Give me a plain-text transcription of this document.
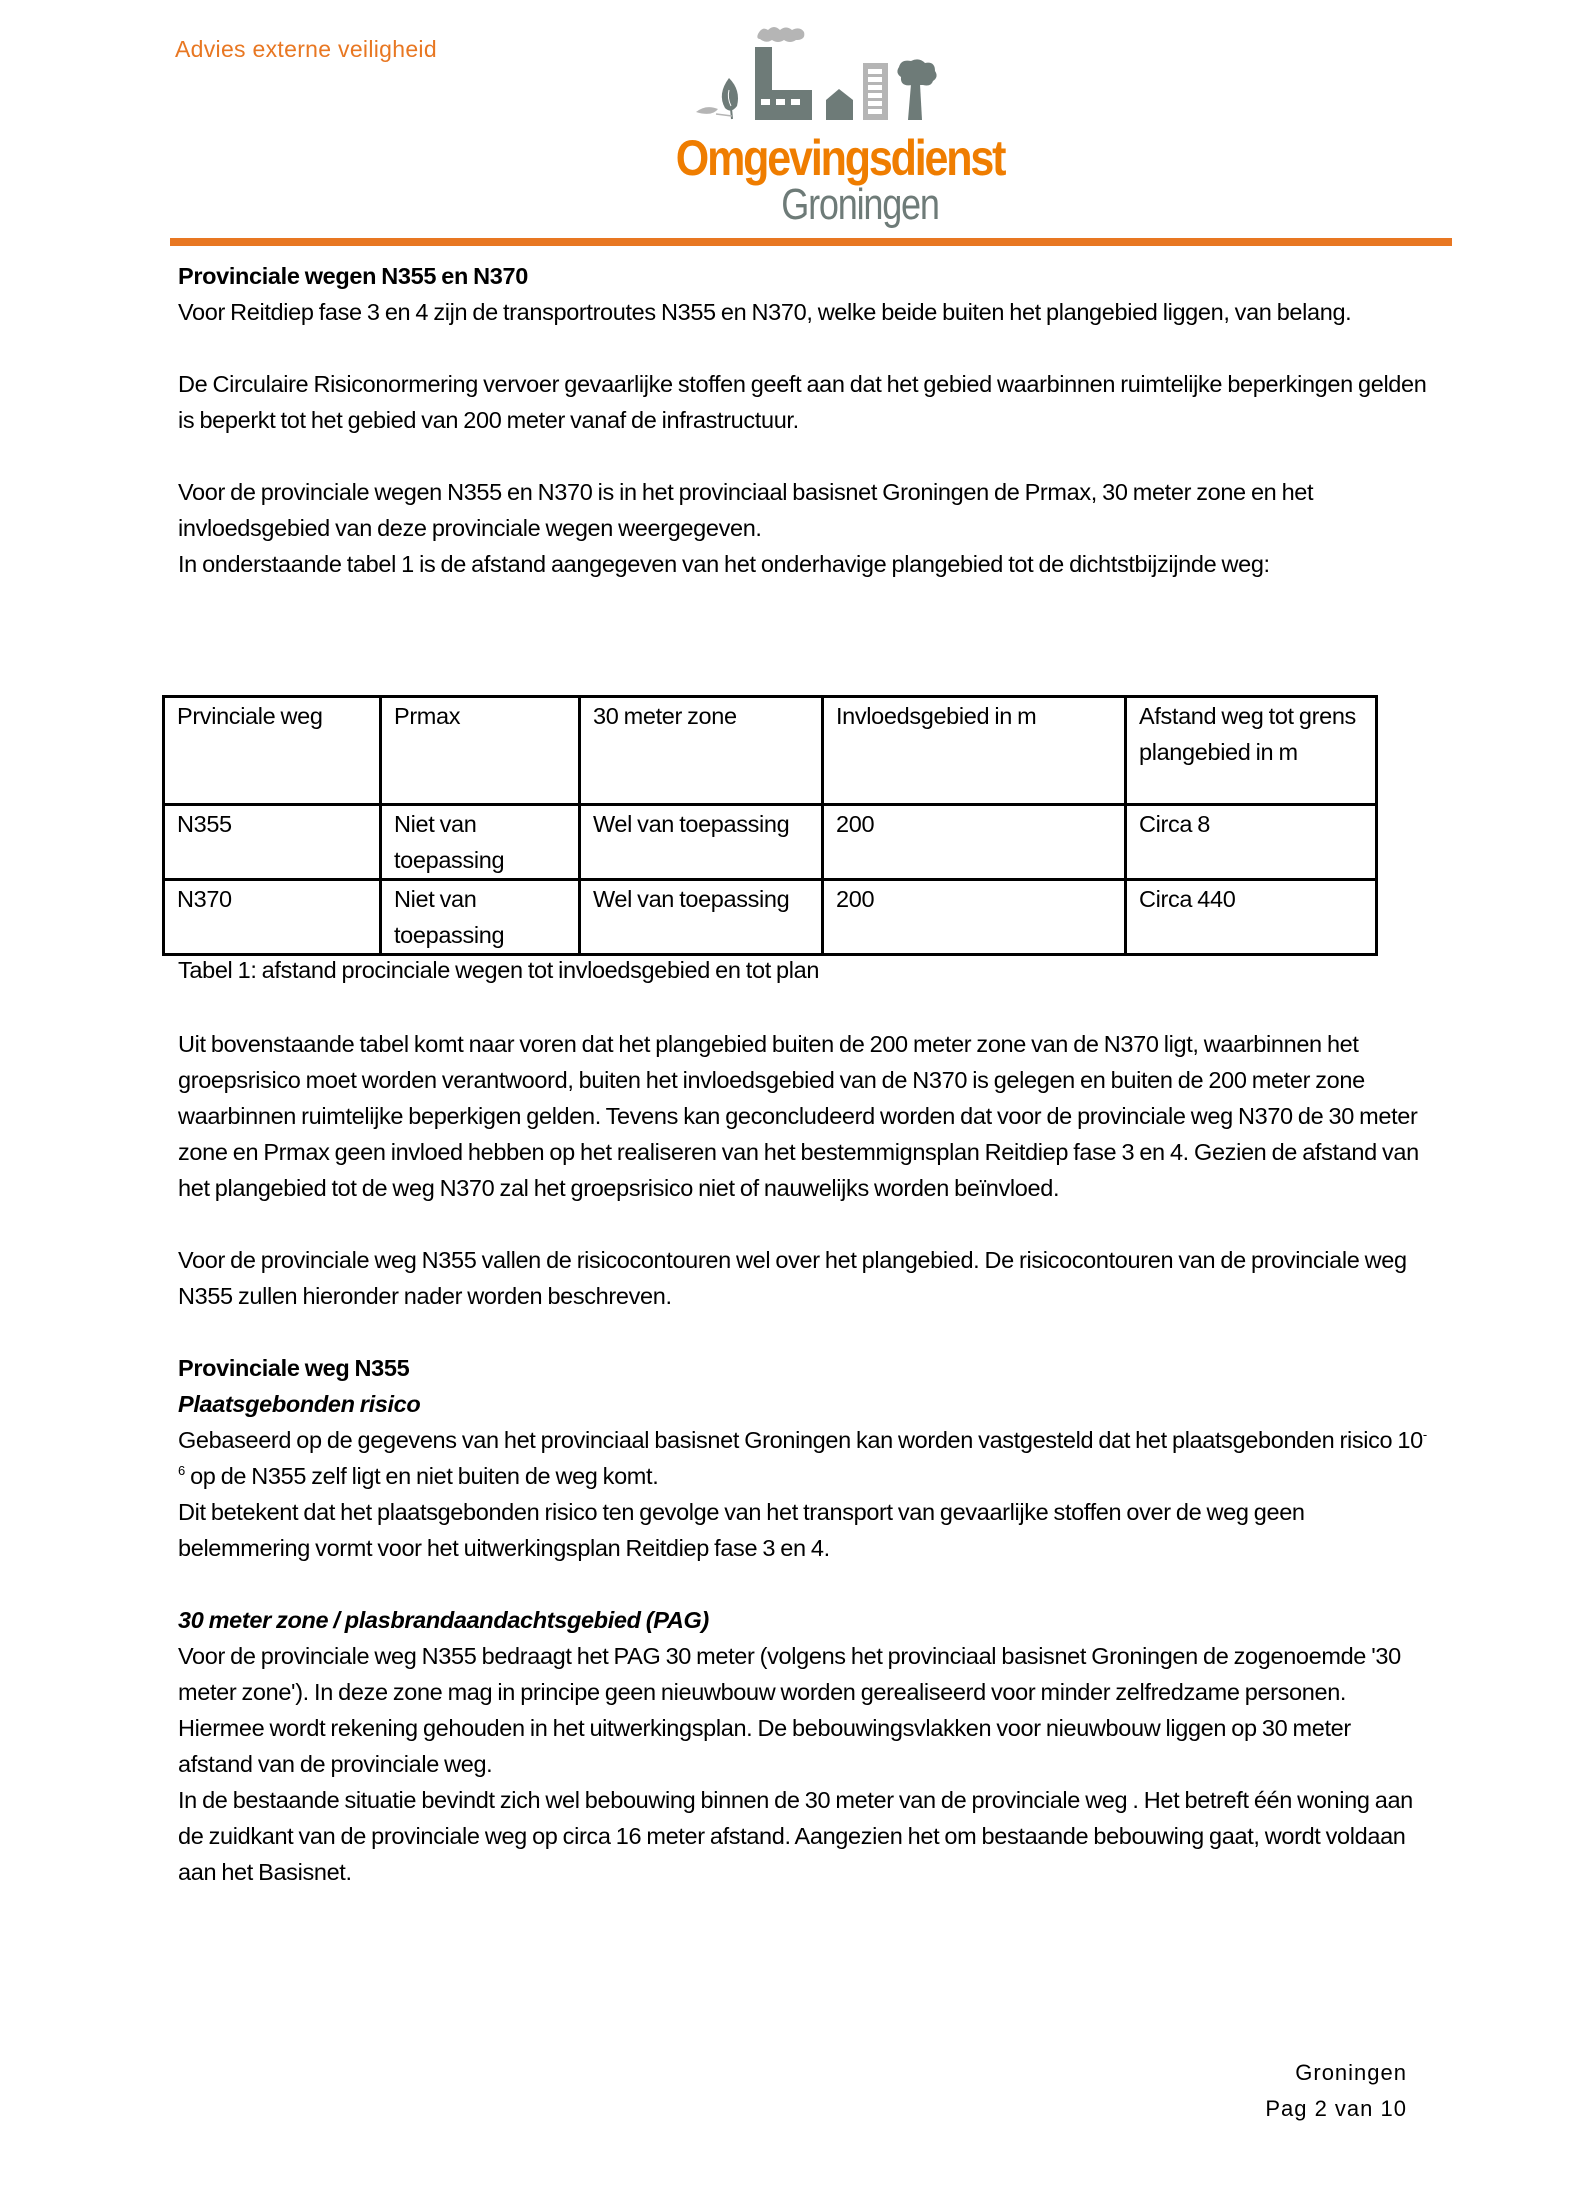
Advies externe veiligheid
Omgevingsdienst
Groningen

Provinciale wegen N355 en N370

Voor Reitdiep fase 3 en 4 zijn de transportroutes N355 en N370, welke beide buiten het plangebied liggen, van belang.

De Circulaire Risiconormering vervoer gevaarlijke stoffen geeft aan dat het gebied waarbinnen ruimtelijke beperkingen gelden is beperkt tot het gebied van 200 meter vanaf de infrastructuur.

Voor de provinciale wegen N355 en N370 is in het provinciaal basisnet Groningen de Prmax, 30 meter zone en het invloedsgebied van deze provinciale wegen weergegeven.

In onderstaande tabel 1 is de afstand aangegeven van het onderhavige plangebied tot de dichtstbijzijnde weg:

Prvinciale weg	Prmax	30 meter zone	Invloedsgebied in m	Afstand weg tot grens plangebied in m
N355	Niet van toepassing	Wel van toepassing	200	Circa 8
N370	Niet van toepassing	Wel van toepassing	200	Circa 440
Tabel 1: afstand procinciale wegen tot invloedsgebied en tot plan

Uit bovenstaande tabel komt naar voren dat het plangebied buiten de 200 meter zone van de N370 ligt, waarbinnen het groepsrisico moet worden verantwoord, buiten het invloedsgebied van de N370 is gelegen en buiten de 200 meter zone waarbinnen ruimtelijke beperkigen gelden. Tevens kan geconcludeerd worden dat voor de provinciale weg N370 de 30 meter zone en Prmax geen invloed hebben op het realiseren van het bestemmignsplan Reitdiep fase 3 en 4. Gezien de afstand van het plangebied tot de weg N370 zal het groepsrisico niet of nauwelijks worden beïnvloed.

Voor de provinciale weg N355 vallen de risicocontouren wel over het plangebied. De risicocontouren van de provinciale weg N355 zullen hieronder nader worden beschreven.

Provinciale weg N355

Plaatsgebonden risico

Gebaseerd op de gegevens van het provinciaal basisnet Groningen kan worden vastgesteld dat het plaatsgebonden risico $10^{-6}$ op de N355 zelf ligt en niet buiten de weg komt.

Dit betekent dat het plaatsgebonden risico ten gevolge van het transport van gevaarlijke stoffen over de weg geen belemmering vormt voor het uitwerkingsplan Reitdiep fase 3 en 4.

30 meter zone / plasbrandaandachtsgebied (PAG)

Voor de provinciale weg N355 bedraagt het PAG 30 meter (volgens het provinciaal basisnet Groningen de zogenoemde '30 meter zone'). In deze zone mag in principe geen nieuwbouw worden gerealiseerd voor minder zelfredzame personen. Hiermee wordt rekening gehouden in het uitwerkingsplan. De bebouwingsvlakken voor nieuwbouw liggen op 30 meter afstand van de provinciale weg.

In de bestaande situatie bevindt zich wel bebouwing binnen de 30 meter van de provinciale weg . Het betreft één woning aan de zuidkant van de provinciale weg op circa 16 meter afstand. Aangezien het om bestaande bebouwing gaat, wordt voldaan aan het Basisnet.

Groningen
Pag 2 van 10
